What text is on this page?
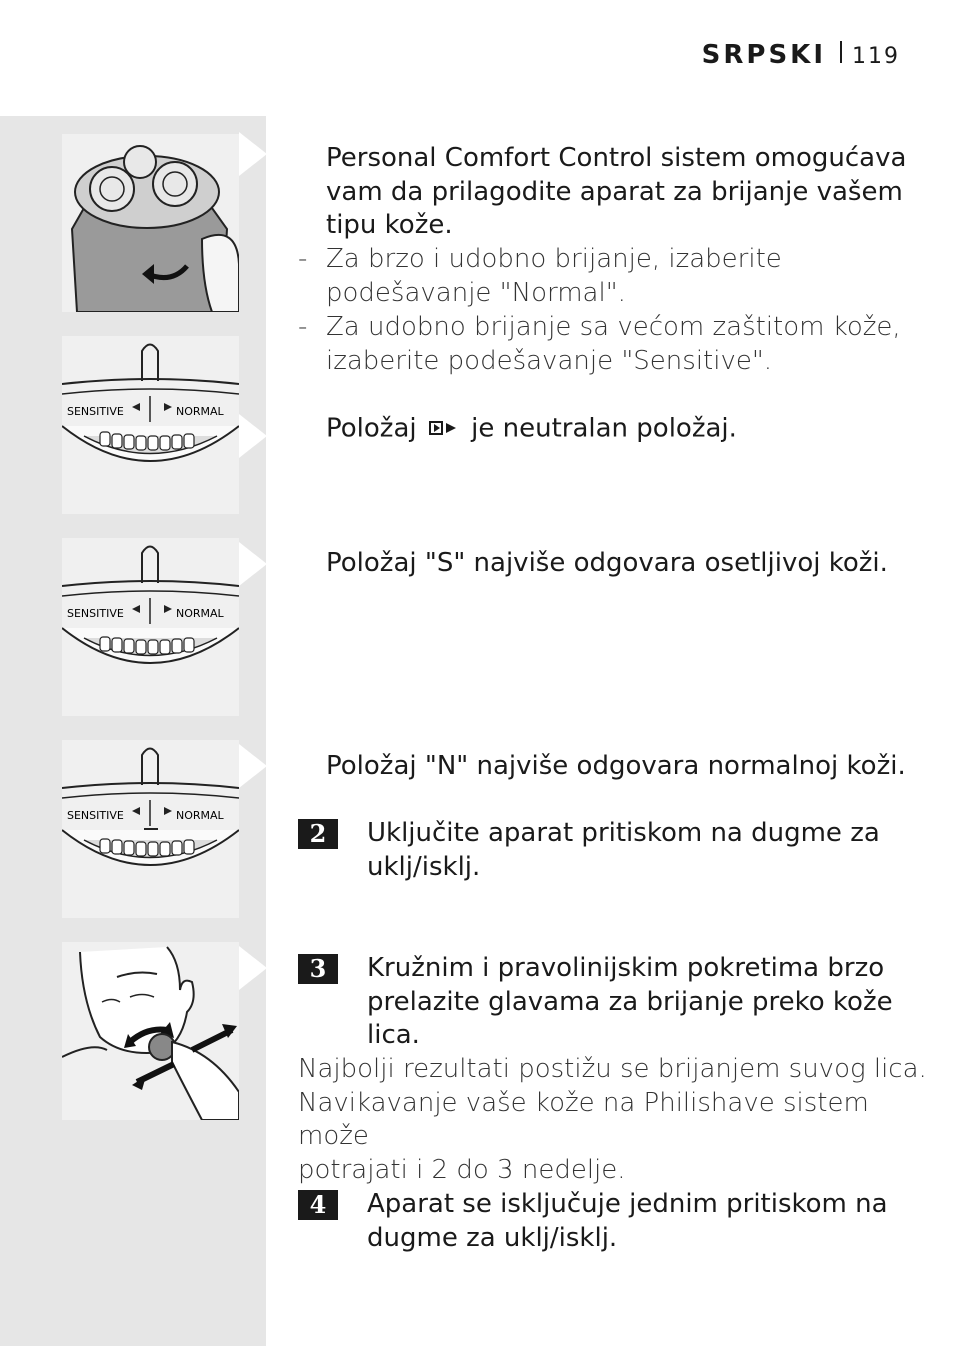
SRPSKI 119
SENSITIVE	NORMAL
SENSITIVE	NORMAL
SENSITIVE	NORMAL
Personal Comfort Control sistem omogućava
vam da prilagodite aparat za brijanje vašem
tipu kože.
- Za brzo i udobno brijanje, izaberite
podešavanje "Normal".
- Za udobno brijanje sa većom zaštitom kože,
izaberite podešavanje "Sensitive".
Položaj je neutralan položaj.
Položaj "S" najviše odgovara osetljivoj koži.
Položaj "N" najviše odgovara normalnoj koži.
2	Uključite aparat pritiskom na dugme za
uklj/isklj.
3	Kružnim i pravolinijskim pokretima brzo
prelazite glavama za brijanje preko kože
lica.
Najbolji rezultati postižu se brijanjem suvog lica.
Navikavanje vaše kože na Philishave sistem može
potrajati i 2 do 3 nedelje.
4	Aparat se isključuje jednim pritiskom na
dugme za uklj/isklj.
